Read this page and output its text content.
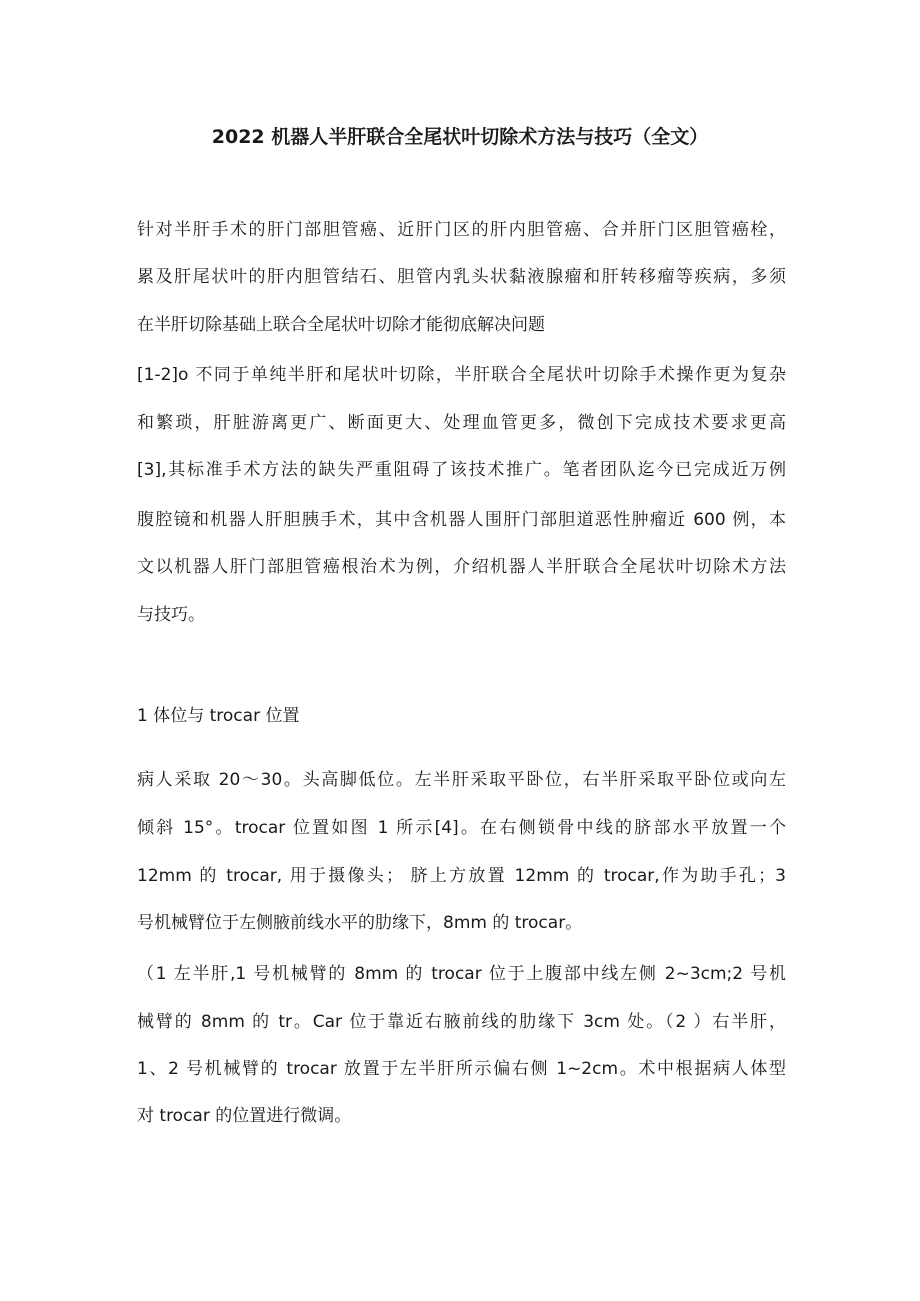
2022 机器人半肝联合全尾状叶切除术方法与技巧（全文）
针对半肝手术的肝门部胆管癌、近肝门区的肝内胆管癌、合并肝门区胆管癌栓，
累及肝尾状叶的肝内胆管结石、胆管内乳头状黏液腺瘤和肝转移瘤等疾病，多须
在半肝切除基础上联合全尾状叶切除才能彻底解决问题
[1-2]o 不同于单纯半肝和尾状叶切除，半肝联合全尾状叶切除手术操作更为复杂
和繁琐，肝脏游离更广、断面更大、处理血管更多，微创下完成技术要求更高
[3],其标准手术方法的缺失严重阻碍了该技术推广。笔者团队迄今已完成近万例
腹腔镜和机器人肝胆胰手术，其中含机器人围肝门部胆道恶性肿瘤近 600 例，本
文以机器人肝门部胆管癌根治术为例，介绍机器人半肝联合全尾状叶切除术方法
与技巧。
1 体位与 trocar 位置
病人采取 20～30。头高脚低位。左半肝采取平卧位，右半肝采取平卧位或向左
倾斜 15°。trocar 位置如图 1 所示[4]。在右侧锁骨中线的脐部水平放置一个
12mm 的 trocar, 用于摄像头； 脐上方放置 12mm 的 trocar,作为助手孔；3
号机械臂位于左侧腋前线水平的肋缘下，8mm 的 trocar。
（1 左半肝,1 号机械臂的 8mm 的 trocar 位于上腹部中线左侧 2~3cm;2 号机
械臂的 8mm 的 tr。Car 位于靠近右腋前线的肋缘下 3cm 处。（2 ）右半肝，
1、2 号机械臂的 trocar 放置于左半肝所示偏右侧 1~2cm。术中根据病人体型
对 trocar 的位置进行微调。
